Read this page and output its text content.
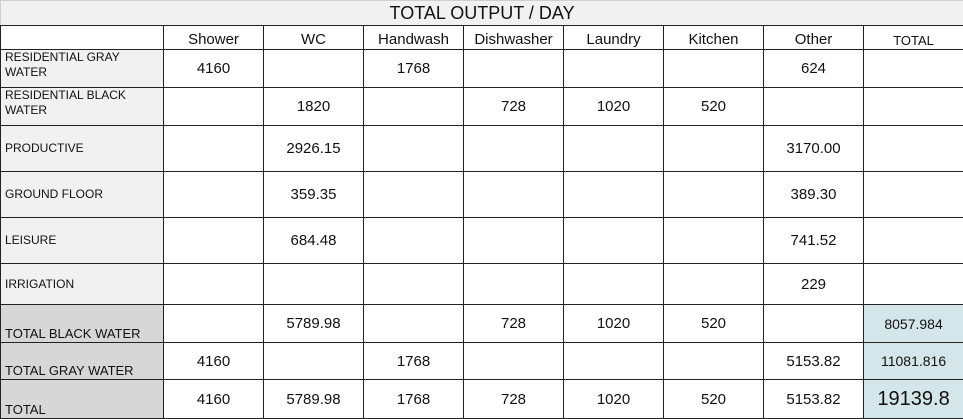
TOTAL OUTPUT / DAY								
	Shower	WC	Handwash	Dishwasher	Laundry	Kitchen	Other	TOTAL
RESIDENTIAL GRAY WATER	4160		1768				624	
RESIDENTIAL BLACK WATER		1820		728	1020	520		
PRODUCTIVE		2926.15					3170.00	
GROUND FLOOR		359.35					389.30	
LEISURE		684.48					741.52	
IRRIGATION							229	
TOTAL BLACK WATER		5789.98		728	1020	520		8057.984
TOTAL GRAY WATER	4160		1768				5153.82	11081.816
TOTAL	4160	5789.98	1768	728	1020	520	5153.82	19139.8
